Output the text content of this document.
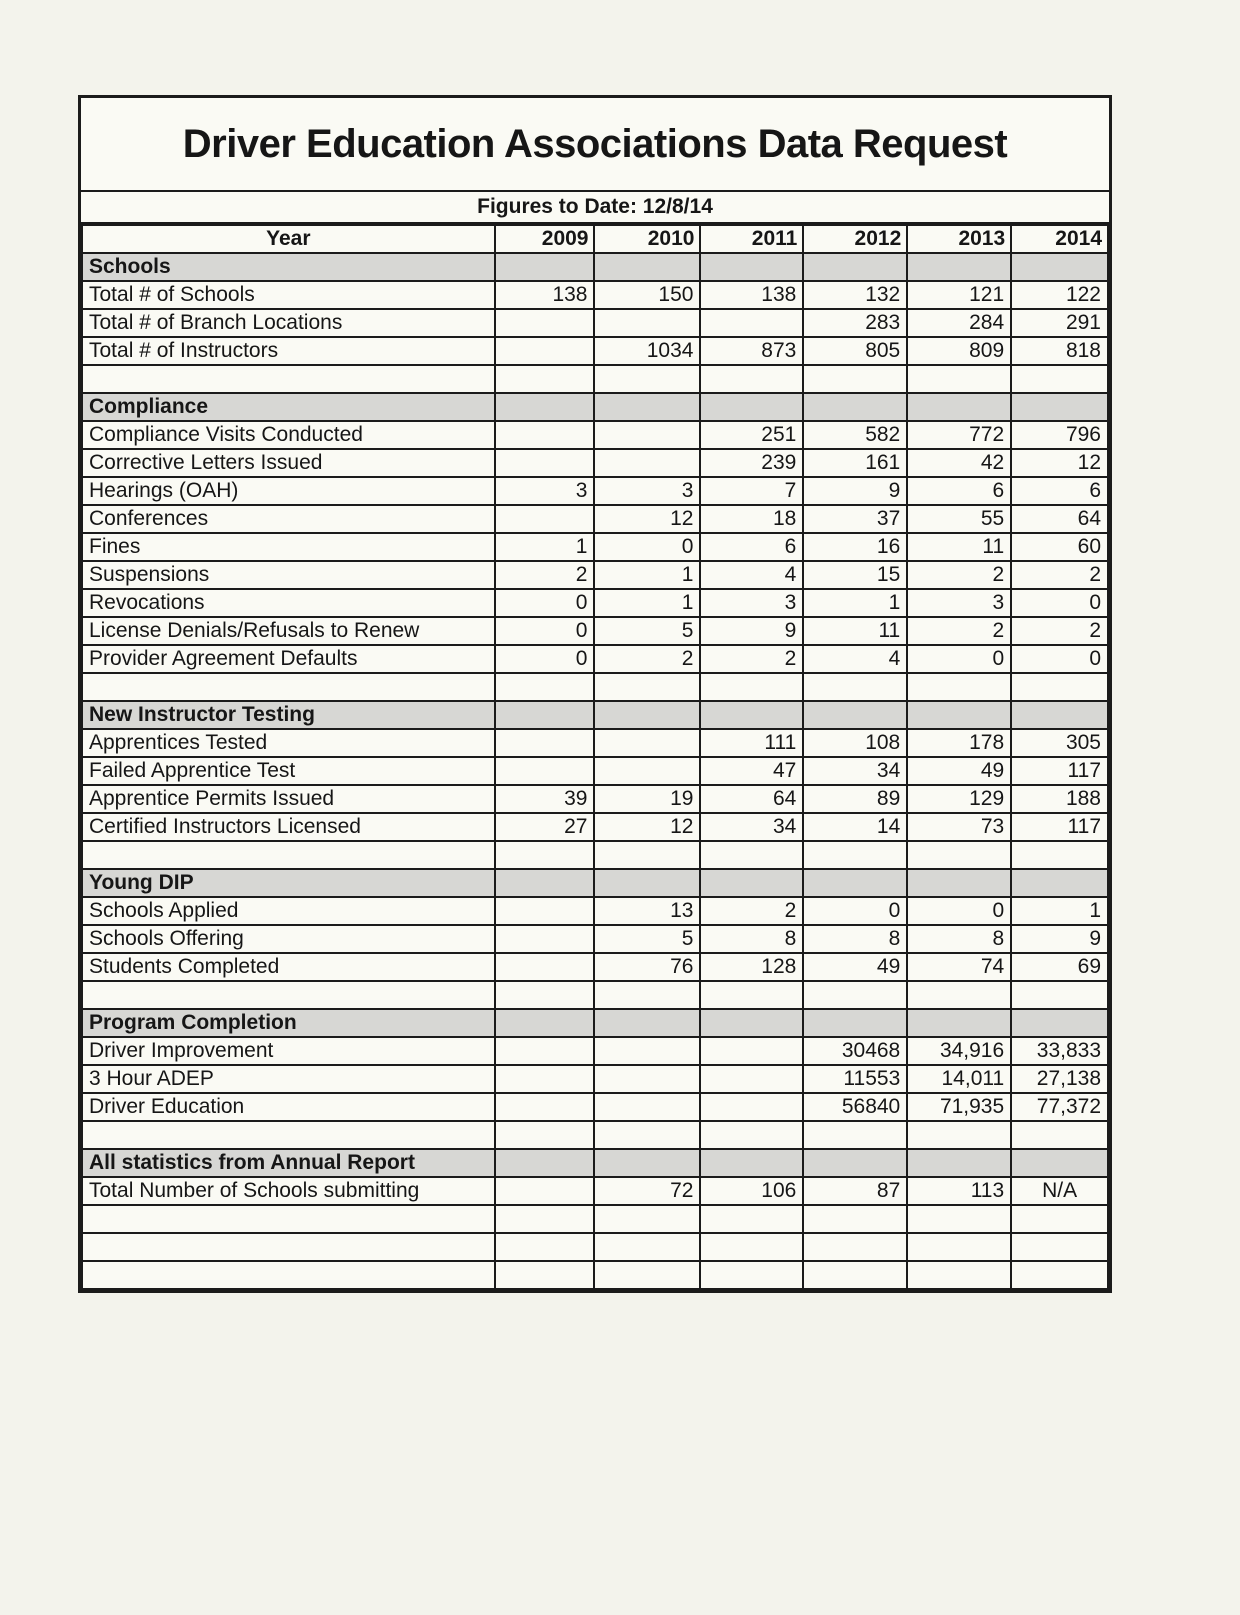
Driver Education Associations Data Request
Figures to Date: 12/8/14
Year	2009	2010	2011	2012	2013	2014
Schools						
Total # of Schools	138	150	138	132	121	122
Total # of Branch Locations				283	284	291
Total # of Instructors		1034	873	805	809	818

Compliance						
Compliance Visits Conducted			251	582	772	796
Corrective Letters Issued			239	161	42	12
Hearings (OAH)	3	3	7	9	6	6
Conferences		12	18	37	55	64
Fines	1	0	6	16	11	60
Suspensions	2	1	4	15	2	2
Revocations	0	1	3	1	3	0
License Denials/Refusals to Renew	0	5	9	11	2	2
Provider Agreement Defaults	0	2	2	4	0	0

New Instructor Testing						
Apprentices Tested			111	108	178	305
Failed Apprentice Test			47	34	49	117
Apprentice Permits Issued	39	19	64	89	129	188
Certified Instructors Licensed	27	12	34	14	73	117

Young DIP						
Schools Applied		13	2	0	0	1
Schools Offering		5	8	8	8	9
Students Completed		76	128	49	74	69

Program Completion						
Driver Improvement				30468	34,916	33,833
3 Hour ADEP				11553	14,011	27,138
Driver Education				56840	71,935	77,372

All statistics from Annual Report						
Total Number of Schools submitting		72	106	87	113	N/A
